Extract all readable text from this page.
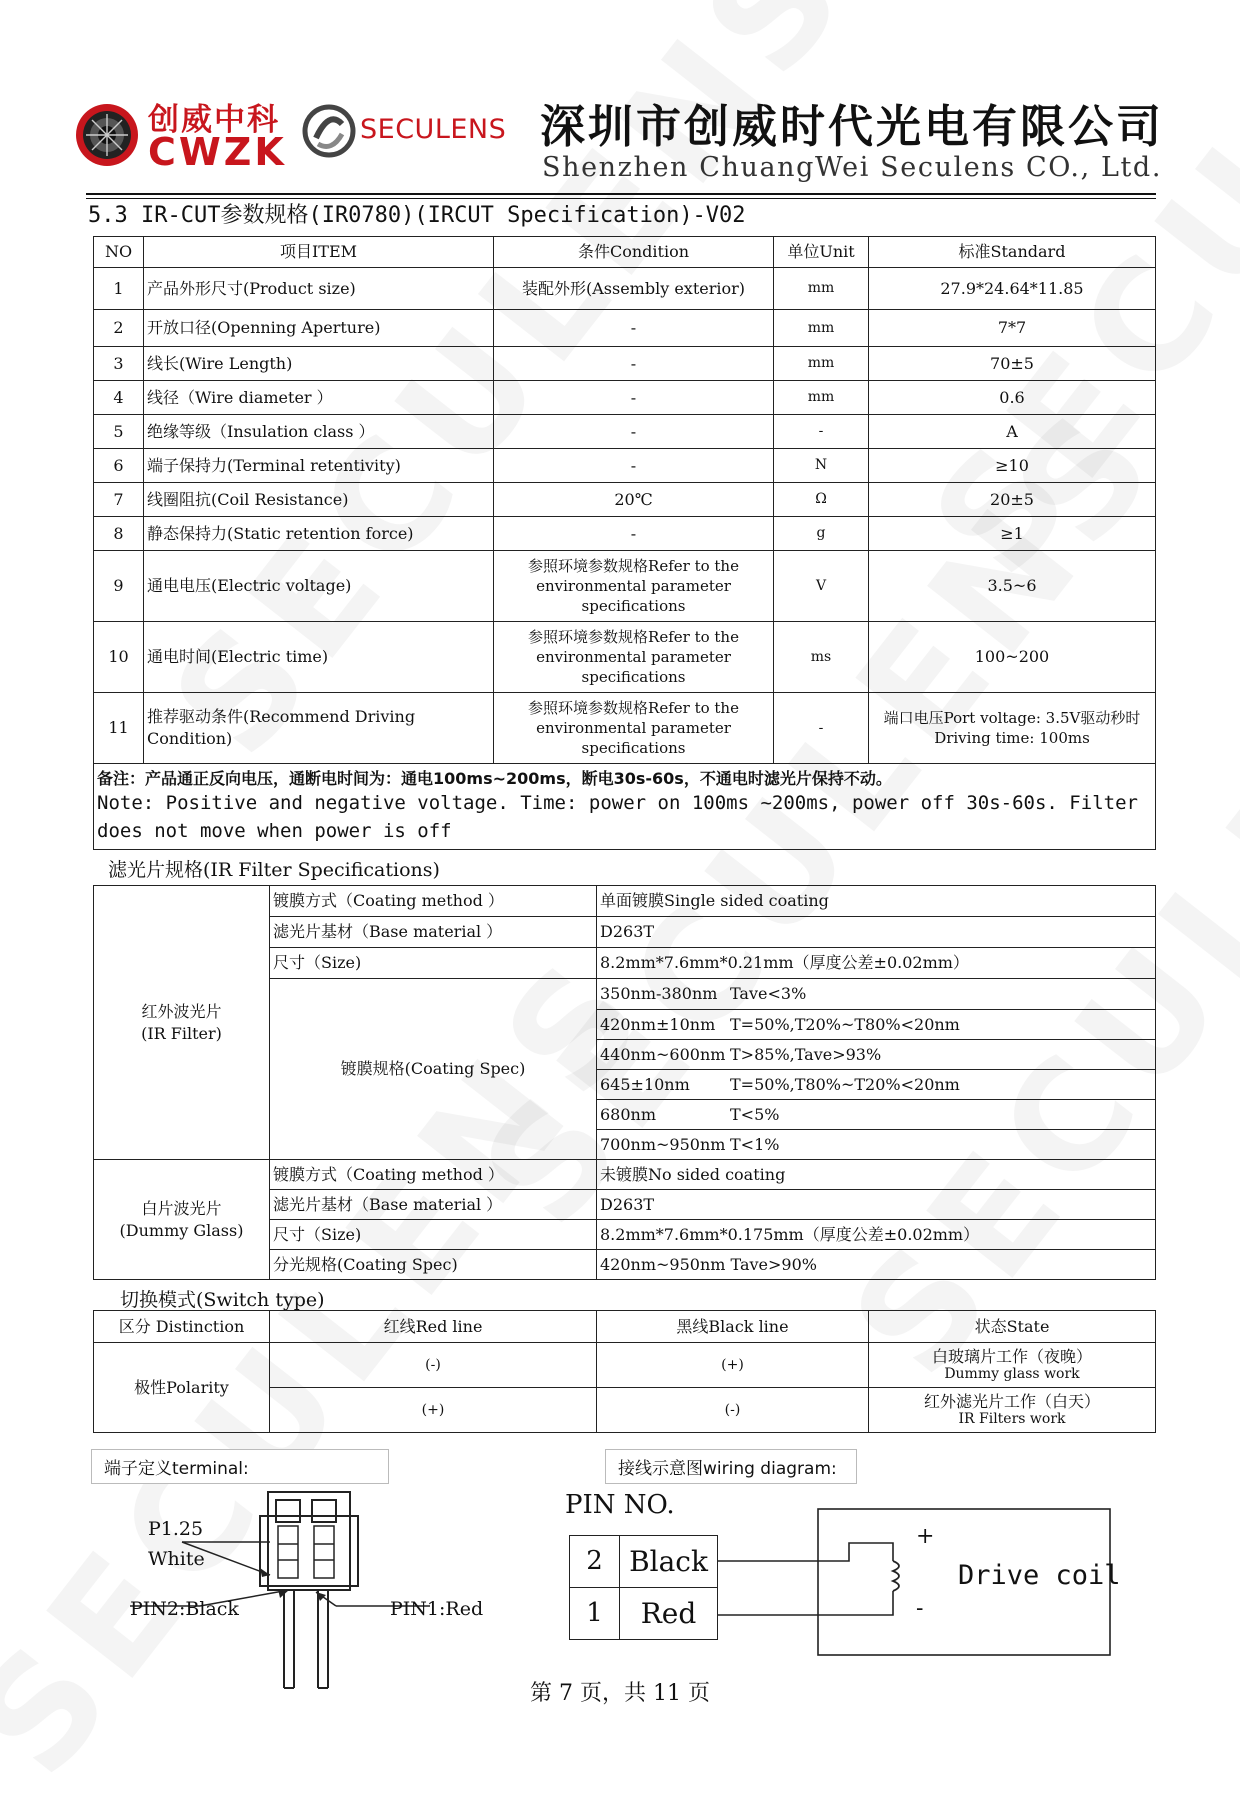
创威中科
CWZK
SECULENS 深圳市创威时代光电有限公司
Shenzhen ChuangWei Seculens CO., Ltd.
5.3 IR-CUT参数规格(IR0780)(IRCUT Specification)-V02
NO	项目ITEM	条件Condition	单位Unit	标准Standard
1	产品外形尺寸(Product size)	装配外形(Assembly exterior)	mm	27.9*24.64*11.85
2	开放口径(Openning Aperture)	-	mm	7*7
3	线长(Wire Length)	-	mm	70±5
4	线径（Wire diameter ）	-	mm	0.6
5	绝缘等级（Insulation class ）	-	-	A
6	端子保持力(Terminal retentivity)	-	N	≥10
7	线圈阻抗(Coil Resistance)	20℃	Ω	20±5
8	静态保持力(Static retention force)	-	g	≥1
9	通电电压(Electric voltage)	参照环境参数规格Refer to the environmental parameter specifications	V	3.5~6
10	通电时间(Electric time)	参照环境参数规格Refer to the environmental parameter specifications	ms	100~200
11	推荐驱动条件(Recommend Driving Condition)	参照环境参数规格Refer to the environmental parameter specifications	-	端口电压Port voltage: 3.5V驱动秒时Driving time: 100ms

备注：产品通正反向电压，通断电时间为：通电100ms~200ms，断电30s-60s，不通电时滤光片保持不动。
Note: Positive and negative voltage. Time: power on 100ms ~200ms, power off 30s-60s. Filter does not move when power is off				
滤光片规格(IR Filter Specifications)
红外波光片
(IR Filter)	镀膜方式（Coating method ）	单面镀膜Single sided coating
	滤光片基材（Base material ）	D263T
	尺寸（Size)	8.2mm*7.6mm*0.21mm（厚度公差±0.02mm）
	镀膜规格(Coating Spec)	350nm-380nm Tave<3%
		420nm±10nm T=50%,T20%~T80%<20nm
		440nm~600nm T>85%,Tave>93%
		645±10nm T=50%,T80%~T20%<20nm
		680nm T<5%
		700nm~950nm T<1%
白片波光片
(Dummy Glass)	镀膜方式（Coating method ）	未镀膜No sided coating
	滤光片基材（Base material ）	D263T
	尺寸（Size)	8.2mm*7.6mm*0.175mm（厚度公差±0.02mm）
	分光规格(Coating Spec)	420nm~950nm Tave>90%
切换模式(Switch type)
区分 Distinction	红线Red line	黑线Black line	状态State
极性Polarity	(-)	(+)	白玻璃片工作（夜晚）
Dummy glass work

	(+)	(-)	红外滤光片工作（白天）
IR Filters work
端子定义terminal:
P1.25
White
PIN2:Black	PIN1:Red
接线示意图wiring diagram:
PIN NO.
2	Black
1	Red
+
-
Drive coil
第 7 页，共 11 页
